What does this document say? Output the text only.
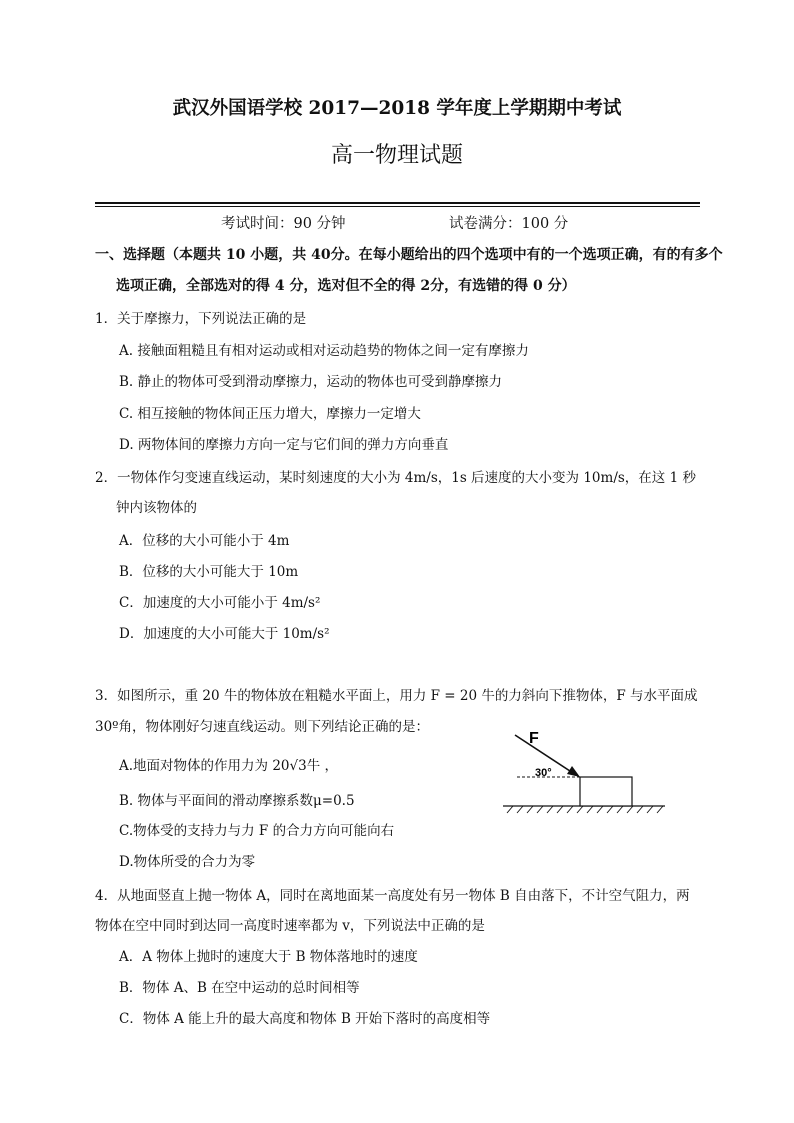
武汉外国语学校 2017—2018 学年度上学期期中考试
高一物理试题
考试时间：90 分钟	试卷满分：100 分
一、选择题（本题共 10 小题，共 40分。在每小题给出的四个选项中有的一个选项正确，有的有多个
选项正确，全部选对的得 4 分，选对但不全的得 2分，有选错的得 0 分）
1．关于摩擦力，下列说法正确的是
A. 接触面粗糙且有相对运动或相对运动趋势的物体之间一定有摩擦力
B. 静止的物体可受到滑动摩擦力，运动的物体也可受到静摩擦力
C. 相互接触的物体间正压力增大，摩擦力一定增大
D. 两物体间的摩擦力方向一定与它们间的弹力方向垂直
2．一物体作匀变速直线运动，某时刻速度的大小为 4m/s，1s 后速度的大小变为 10m/s，在这 1 秒
钟内该物体的
A．位移的大小可能小于 4m
B．位移的大小可能大于 10m
C．加速度的大小可能小于 4m/s²
D．加速度的大小可能大于 10m/s²
3．如图所示，重 20 牛的物体放在粗糙水平面上，用力 F = 20 牛的力斜向下推物体，F 与水平面成
30º角，物体刚好匀速直线运动。则下列结论正确的是：
A.地面对物体的作用力为 20√3牛 ，
B. 物体与平面间的滑动摩擦系数μ=0.5
C.物体受的支持力与力 F 的合力方向可能向右
D.物体所受的合力为零
F
30°
4．从地面竖直上抛一物体 A，同时在离地面某一高度处有另一物体 B 自由落下，不计空气阻力，两
物体在空中同时到达同一高度时速率都为 v，下列说法中正确的是
A．A 物体上抛时的速度大于 B 物体落地时的速度
B．物体 A、B 在空中运动的总时间相等
C．物体 A 能上升的最大高度和物体 B 开始下落时的高度相等
